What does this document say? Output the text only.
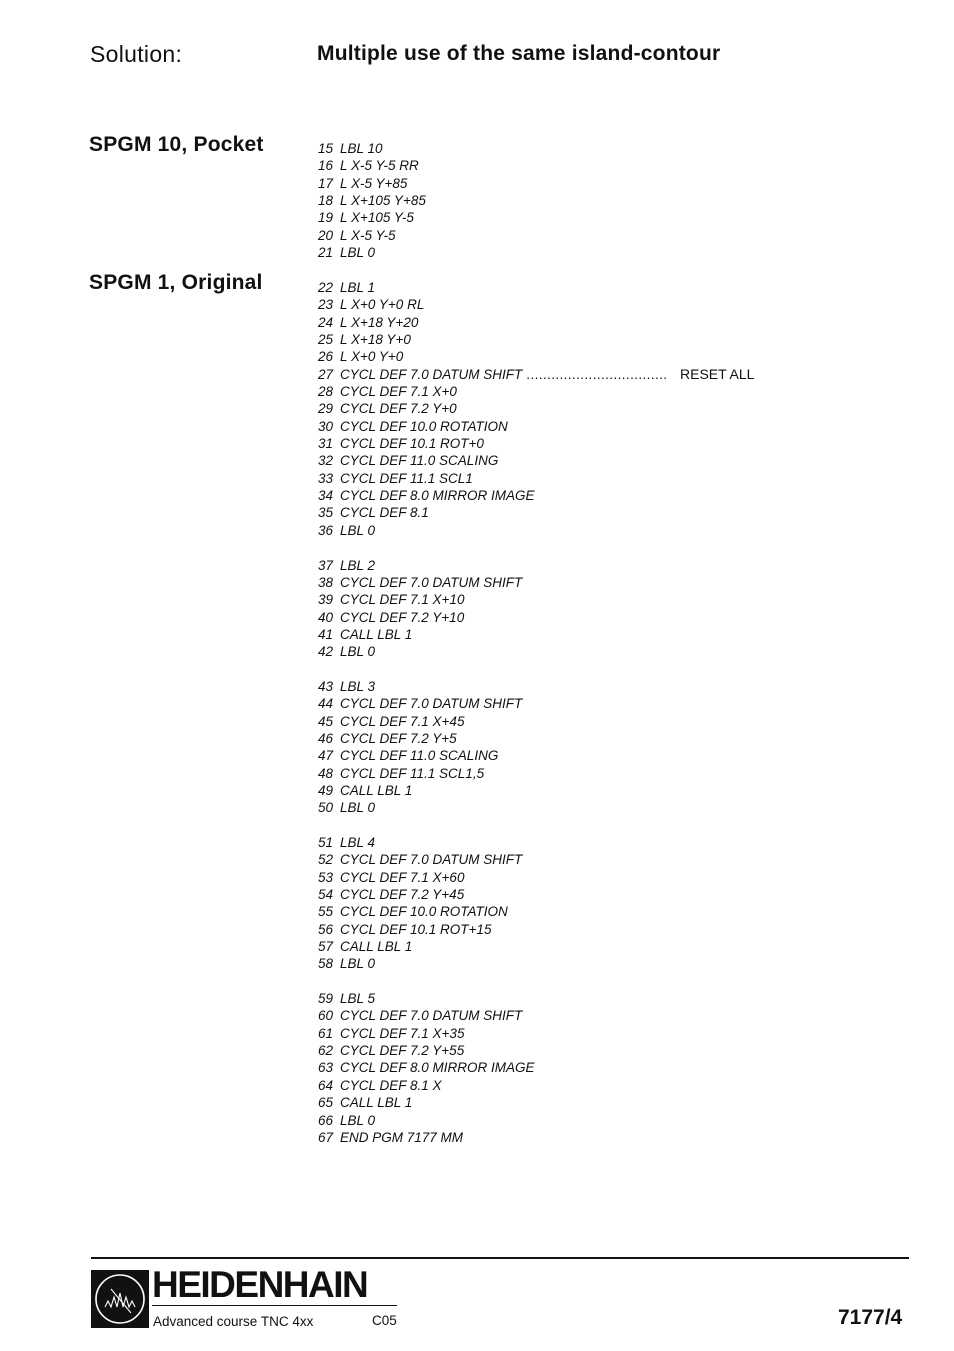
Solution:	Multiple use of the same island-contour
SPGM 10, Pocket
SPGM 1, Original
15 LBL 10
16 L X-5 Y-5 RR
17 L X-5 Y+85
18 L X+105 Y+85
19 L X+105 Y-5
20 L X-5 Y-5
21 LBL 0
22 LBL 1
23 L X+0 Y+0 RL
24 L X+18 Y+20
25 L X+18 Y+0
26 L X+0 Y+0
27 CYCL DEF 7.0 DATUM SHIFT .................................. RESET ALL
28 CYCL DEF 7.1 X+0
29 CYCL DEF 7.2 Y+0
30 CYCL DEF 10.0 ROTATION
31 CYCL DEF 10.1 ROT+0
32 CYCL DEF 11.0 SCALING
33 CYCL DEF 11.1 SCL1
34 CYCL DEF 8.0 MIRROR IMAGE
35 CYCL DEF 8.1
36 LBL 0
37 LBL 2
38 CYCL DEF 7.0 DATUM SHIFT
39 CYCL DEF 7.1 X+10
40 CYCL DEF 7.2 Y+10
41 CALL LBL 1
42 LBL 0
43 LBL 3
44 CYCL DEF 7.0 DATUM SHIFT
45 CYCL DEF 7.1 X+45
46 CYCL DEF 7.2 Y+5
47 CYCL DEF 11.0 SCALING
48 CYCL DEF 11.1 SCL1,5
49 CALL LBL 1
50 LBL 0
51 LBL 4
52 CYCL DEF 7.0 DATUM SHIFT
53 CYCL DEF 7.1 X+60
54 CYCL DEF 7.2 Y+45
55 CYCL DEF 10.0 ROTATION
56 CYCL DEF 10.1 ROT+15
57 CALL LBL 1
58 LBL 0
59 LBL 5
60 CYCL DEF 7.0 DATUM SHIFT
61 CYCL DEF 7.1 X+35
62 CYCL DEF 7.2 Y+55
63 CYCL DEF 8.0 MIRROR IMAGE
64 CYCL DEF 8.1 X
65 CALL LBL 1
66 LBL 0
67 END PGM 7177 MM
HEIDENHAIN
Advanced course TNC 4xx	C05	7177/4
